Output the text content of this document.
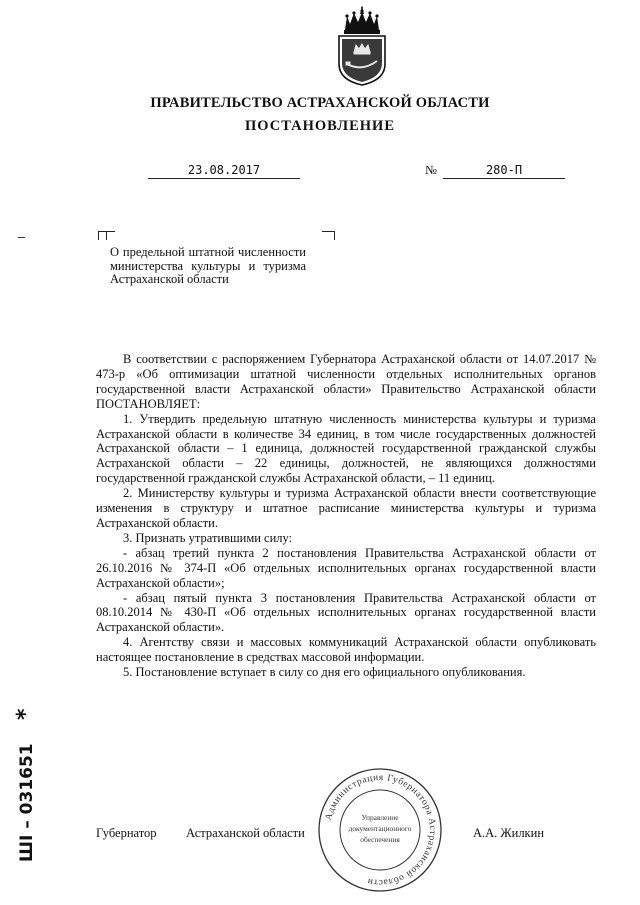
ПРАВИТЕЛЬСТВО АСТРАХАНСКОЙ ОБЛАСТИ
ПОСТАНОВЛЕНИЕ
23.08.2017	№	280-П
О предельной штатной численности министерства культуры и туризма Астраханской области

В соответствии с распоряжением Губернатора Астраханской области от 14.07.2017 № 473-р «Об оптимизации штатной численности отдельных исполнительных органов государственной власти Астраханской области» Правительство Астраханской области ПОСТАНОВЛЯЕТ:

1. Утвердить предельную штатную численность министерства культуры и туризма Астраханской области в количестве 34 единиц, в том числе государственных должностей Астраханской области – 1 единица, должностей государственной гражданской службы Астраханской области – 22 единицы, должностей, не являющихся должностями государственной гражданской службы Астраханской области, – 11 единиц.

2. Министерству культуры и туризма Астраханской области внести соответствующие изменения в структуру и штатное расписание министерства культуры и туризма Астраханской области.

3. Признать утратившими силу:

- абзац третий пункта 2 постановления Правительства Астраханской области от 26.10.2016 № 374-П «Об отдельных исполнительных органах государственной власти Астраханской области»;

- абзац пятый пункта 3 постановления Правительства Астраханской области от 08.10.2014 № 430-П «Об отдельных исполнительных органах государственной власти Астраханской области».

4. Агентству связи и массовых коммуникаций Астраханской области опубликовать настоящее постановление в средствах массовой информации.

5. Постановление вступает в силу со дня его официального опубликования.

Губернатор Астраханской области
Администрация Губернатора Астраханской области
Управление
документационного
обеспечения	А.А. Жилкин
ШI – 031651
*
